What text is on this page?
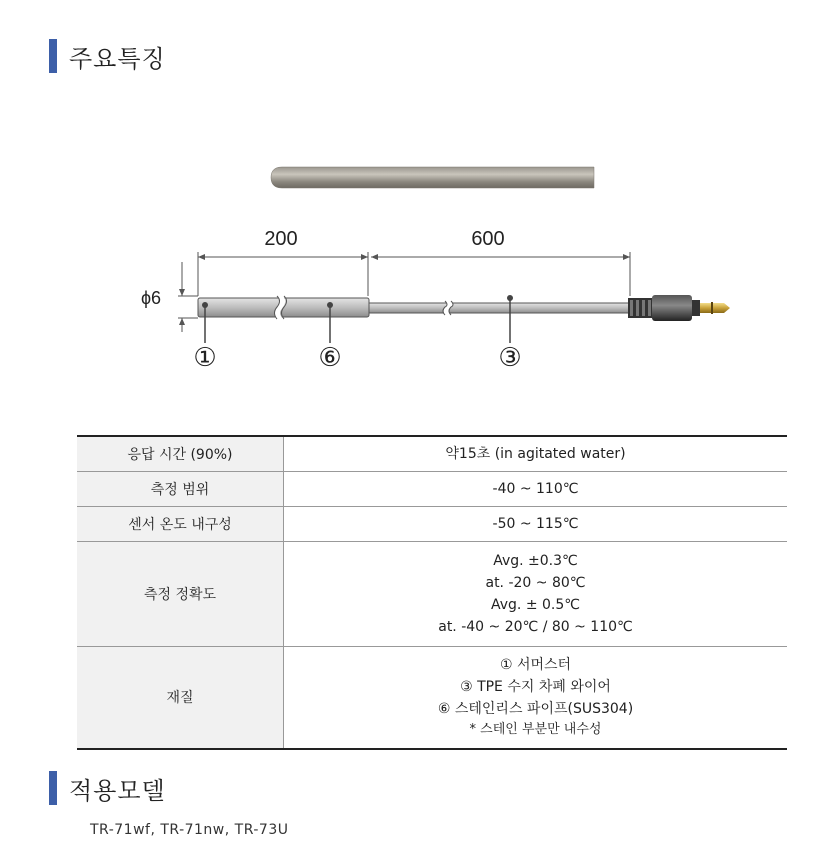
주요특징
200	600
ϕ6
①	⑥	③
응답 시간 (90%)	약15초 (in agitated water)

측정 범위	-40 ~ 110℃

센서 온도 내구성	-50 ~ 115℃

측정 정확도	Avg. ±0.3℃
at. -20 ~ 80℃
Avg. ± 0.5℃
at. -40 ~ 20℃ / 80 ~ 110℃

재질	① 서머스터
③ TPE 수지 차폐 와이어
⑥ 스테인리스 파이프(SUS304)
* 스테인 부분만 내수성
적용모델
TR-71wf, TR-71nw, TR-73U
